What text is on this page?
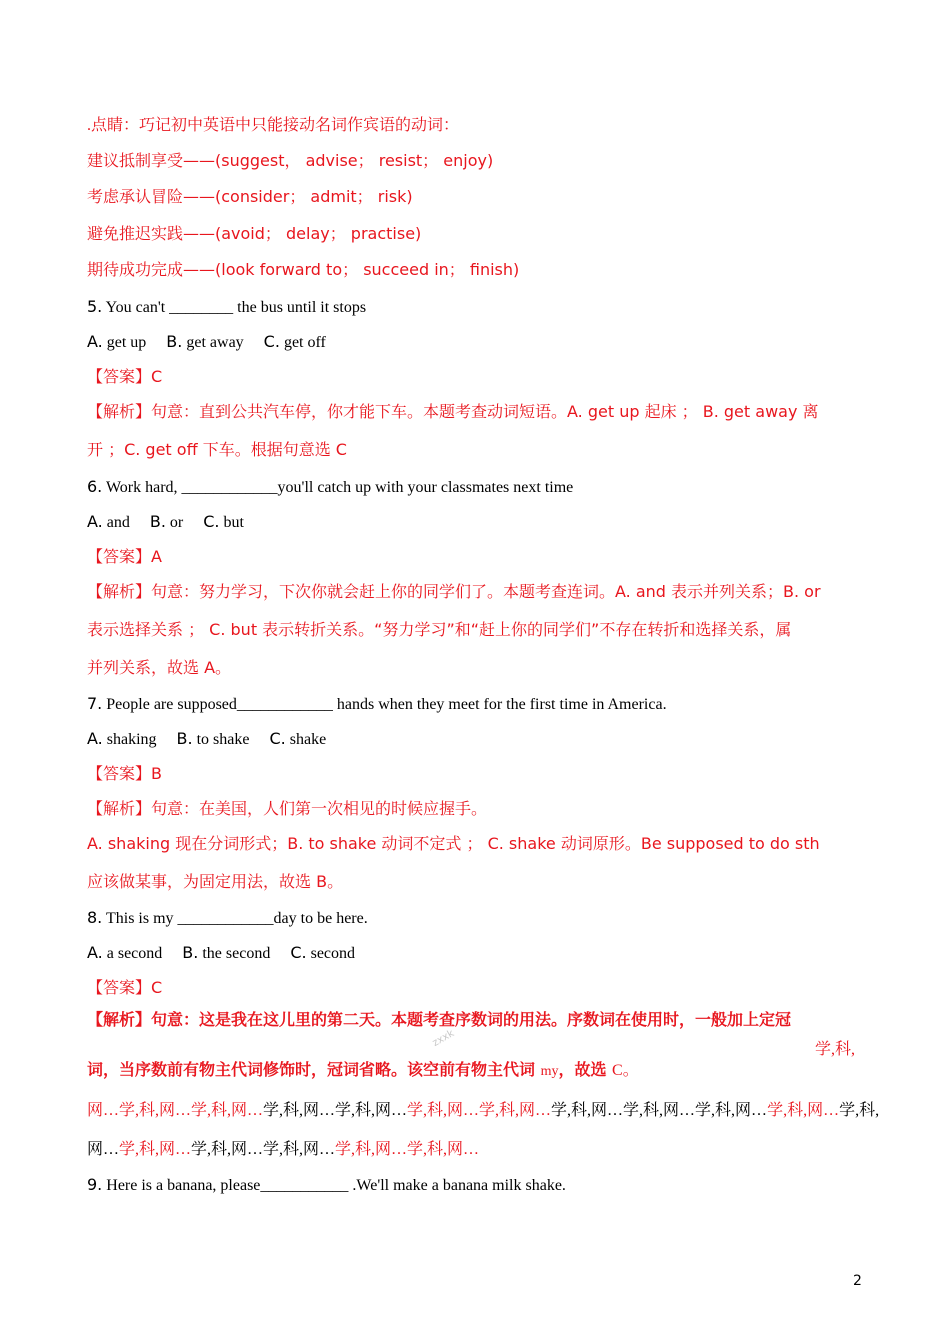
.点睛：巧记初中英语中只能接动名词作宾语的动词：
建议抵制享受——(suggest， advise； resist； enjoy)
考虑承认冒险——(consider； admit； risk)
避免推迟实践——(avoid； delay； practise)
期待成功完成——(look forward to； succeed in； finish)
5. You can't ________ the bus until it stops
A. get up B. get away C. get off
【答案】C
【解析】句意：直到公共汽车停，你才能下车。本题考查动词短语。A. get up 起床 ； B. get away 离
开 ；C. get off 下车。根据句意选 C
6. Work hard, ____________you'll catch up with your classmates next time
A. and B. or C. but
【答案】A
【解析】句意：努力学习，下次你就会赶上你的同学们了。本题考查连词。A. and 表示并列关系；B. or
表示选择关系 ； C. but 表示转折关系。“努力学习”和“赶上你的同学们”不存在转折和选择关系，属
并列关系，故选 A。
7. People are supposed____________ hands when they meet for the first time in America.
A. shaking B. to shake C. shake
【答案】B
【解析】句意：在美国，人们第一次相见的时候应握手。
A. shaking 现在分词形式；B. to shake 动词不定式 ； C. shake 动词原形。Be supposed to do sth
应该做某事，为固定用法，故选 B。
8. This is my ____________day to be here.
A. a second B. the second C. second
【答案】C
【解析】句意：这是我在这儿里的第二天。本题考查序数词的用法。序数词在使用时，一般加上定冠
zxxk
学,科,
词，当序数前有物主代词修饰时，冠词省略。该空前有物主代词 my，故选 C。
网…学,科,网…学,科,网…学,科,网…学,科,网…学,科,网…学,科,网…学,科,网…学,科,网…学,科,网…学,科,网…学,科,
网…学,科,网…学,科,网…学,科,网…学,科,网…学,科,网…
9. Here is a banana, please___________ .We'll make a banana milk shake.
2
